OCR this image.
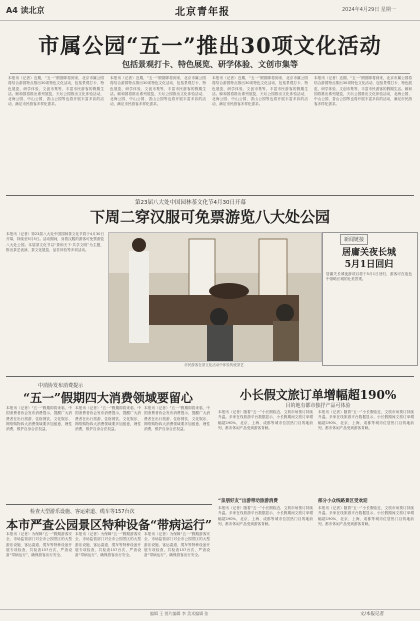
A4 读北京	北京青年报	2024年4月29日 星期一
市属公园“五一”推出30项文化活动
包括景观打卡、特色展览、研学体验、文创市集等
本报讯（记者）近期，“五一”假期即将到来，北京市属公园将结合游园特点推出30项特色文化活动，包括景观打卡、特色展览、研学体验、文创市集等，丰富市民游客的假期生活。颐和园将推出系列展览，天坛公园推出文化体验活动，北海公园、中山公园、香山公园等也将开展丰富多彩的活动，满足市民游客多样化需求。
本报讯（记者）近期，“五一”假期即将到来，北京市属公园将结合游园特点推出30项特色文化活动，包括景观打卡、特色展览、研学体验、文创市集等，丰富市民游客的假期生活。颐和园将推出系列展览，天坛公园推出文化体验活动，北海公园、中山公园、香山公园等也将开展丰富多彩的活动，满足市民游客多样化需求。
本报讯（记者）近期，“五一”假期即将到来，北京市属公园将结合游园特点推出30项特色文化活动，包括景观打卡、特色展览、研学体验、文创市集等，丰富市民游客的假期生活。颐和园将推出系列展览，天坛公园推出文化体验活动，北海公园、中山公园、香山公园等也将开展丰富多彩的活动，满足市民游客多样化需求。
本报讯（记者）近期，“五一”假期即将到来，北京市属公园将结合游园特点推出30项特色文化活动，包括景观打卡、特色展览、研学体验、文创市集等，丰富市民游客的假期生活。颐和园将推出系列展览，天坛公园推出文化体验活动，北海公园、中山公园、香山公园等也将开展丰富多彩的活动，满足市民游客多样化需求。
第23届八大处中国园林茶文化节4月30日开幕
下周二穿汉服可免票游览八大处公园
本报讯（记者）第23届八大处中国园林茶文化节将于4月30日开幕，持续至5月5日。活动期间，身着汉服的游客可免票游览八大处公园。本届茶文化节以“茶和天下·共享文明”为主题，推出茶艺表演、茶文化展览、品茗体验等多项活动。
市民游客在茶文化活动中体验传统茶艺
新闻链接
居庸关夜长城
5月1日回归
居庸关长城夜游项目将于5月1日回归，游客可在夜色中领略长城的壮美景观。
中消协发布消费提示
“五一”假期四大消费领域要留心
本报讯（记者）“五一”假期即将来临，中国消费者协会发布消费提示，提醒广大消费者在出行旅游、住宿餐饮、文化娱乐、网络购物四大消费领域要多加留意，理性消费，维护自身合法权益。
本报讯（记者）“五一”假期即将来临，中国消费者协会发布消费提示，提醒广大消费者在出行旅游、住宿餐饮、文化娱乐、网络购物四大消费领域要多加留意，理性消费，维护自身合法权益。
本报讯（记者）“五一”假期即将来临，中国消费者协会发布消费提示，提醒广大消费者在出行旅游、住宿餐饮、文化娱乐、网络购物四大消费领域要多加留意，理性消费，维护自身合法权益。
小长假文旅订单增幅超190%
目的地有都市独抒产品可体验
本报讯（记者）随着“五一”小长假临近，文旅市场预订持续升温。多家在线旅游平台数据显示，小长假期间文旅订单增幅超190%，北京、上海、成都等城市位居热门目的地前列，都市休闲产品受到游客青睐。
本报讯（记者）随着“五一”小长假临近，文旅市场预订持续升温。多家在线旅游平台数据显示，小长假期间文旅订单增幅超190%，北京、上海、成都等城市位居热门目的地前列，都市休闲产品受到游客青睐。
“亲朋好友”出游带动旅游消费
本报讯（记者）随着“五一”小长假临近，文旅市场预订持续升温。多家在线旅游平台数据显示，小长假期间文旅订单增幅超190%，北京、上海、成都等城市位居热门目的地前列，都市休闲产品受到游客青睐。
部分小众线路景区受欢迎
本报讯（记者）随着“五一”小长假临近，文旅市场预订持续升温。多家在线旅游平台数据显示，小长假期间文旅订单增幅超190%，北京、上海、成都等城市位居热门目的地前列，都市休闲产品受到游客青睐。
检查大型游乐设施、客运索道、缆车等157台次
本市严查公园景区特种设备“带病运行”
本报讯（记者）为保障“五一”假期游客安全，市场监管部门对全市公园景区的大型游乐设施、客运索道、缆车等特种设备开展专项检查，共检查157台次，严查设备“带病运行”，确保游客出行安全。
本报讯（记者）为保障“五一”假期游客安全，市场监管部门对全市公园景区的大型游乐设施、客运索道、缆车等特种设备开展专项检查，共检查157台次，严查设备“带病运行”，确保游客出行安全。
本报讯（记者）为保障“五一”假期游客安全，市场监管部门对全市公园景区的大型游乐设施、客运索道、缆车等特种设备开展专项检查，共检查157台次，严查设备“带病运行”，确保游客出行安全。
编辑 王 图片编辑 李 美术编辑 张	文/本报记者
